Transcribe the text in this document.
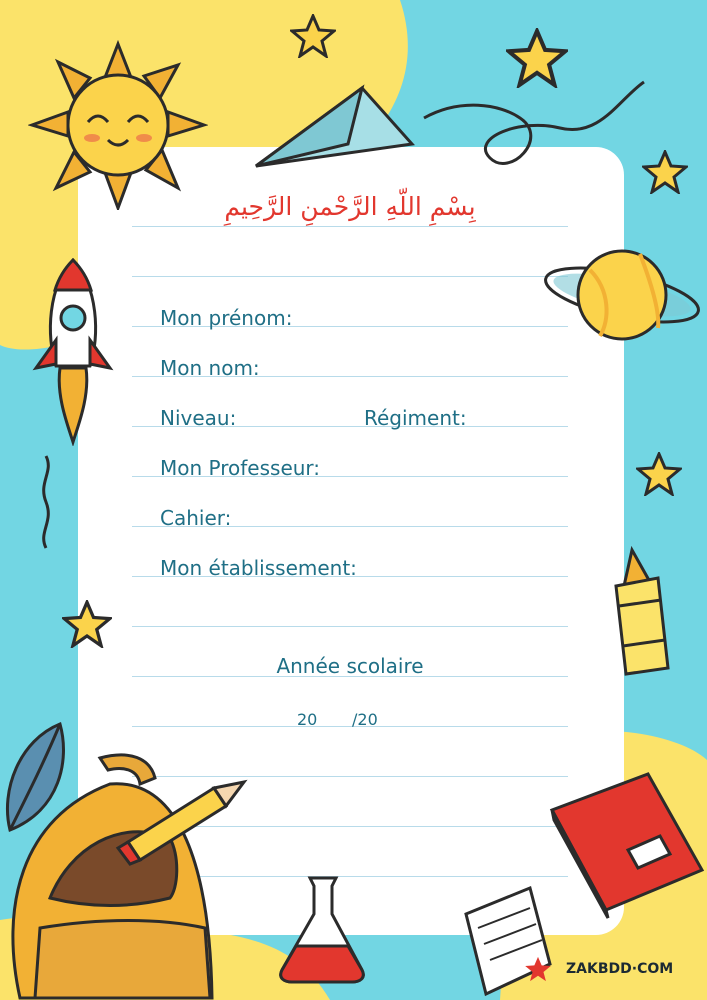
بِسْمِ اللّهِ الرَّحْمنِ الرَّحِيمِ
Mon prénom:
Mon nom:
Niveau:	Régiment:
Mon Professeur:
Cahier:
Mon établissement:
Année scolaire
20 /20
ZAKBDD·COM
